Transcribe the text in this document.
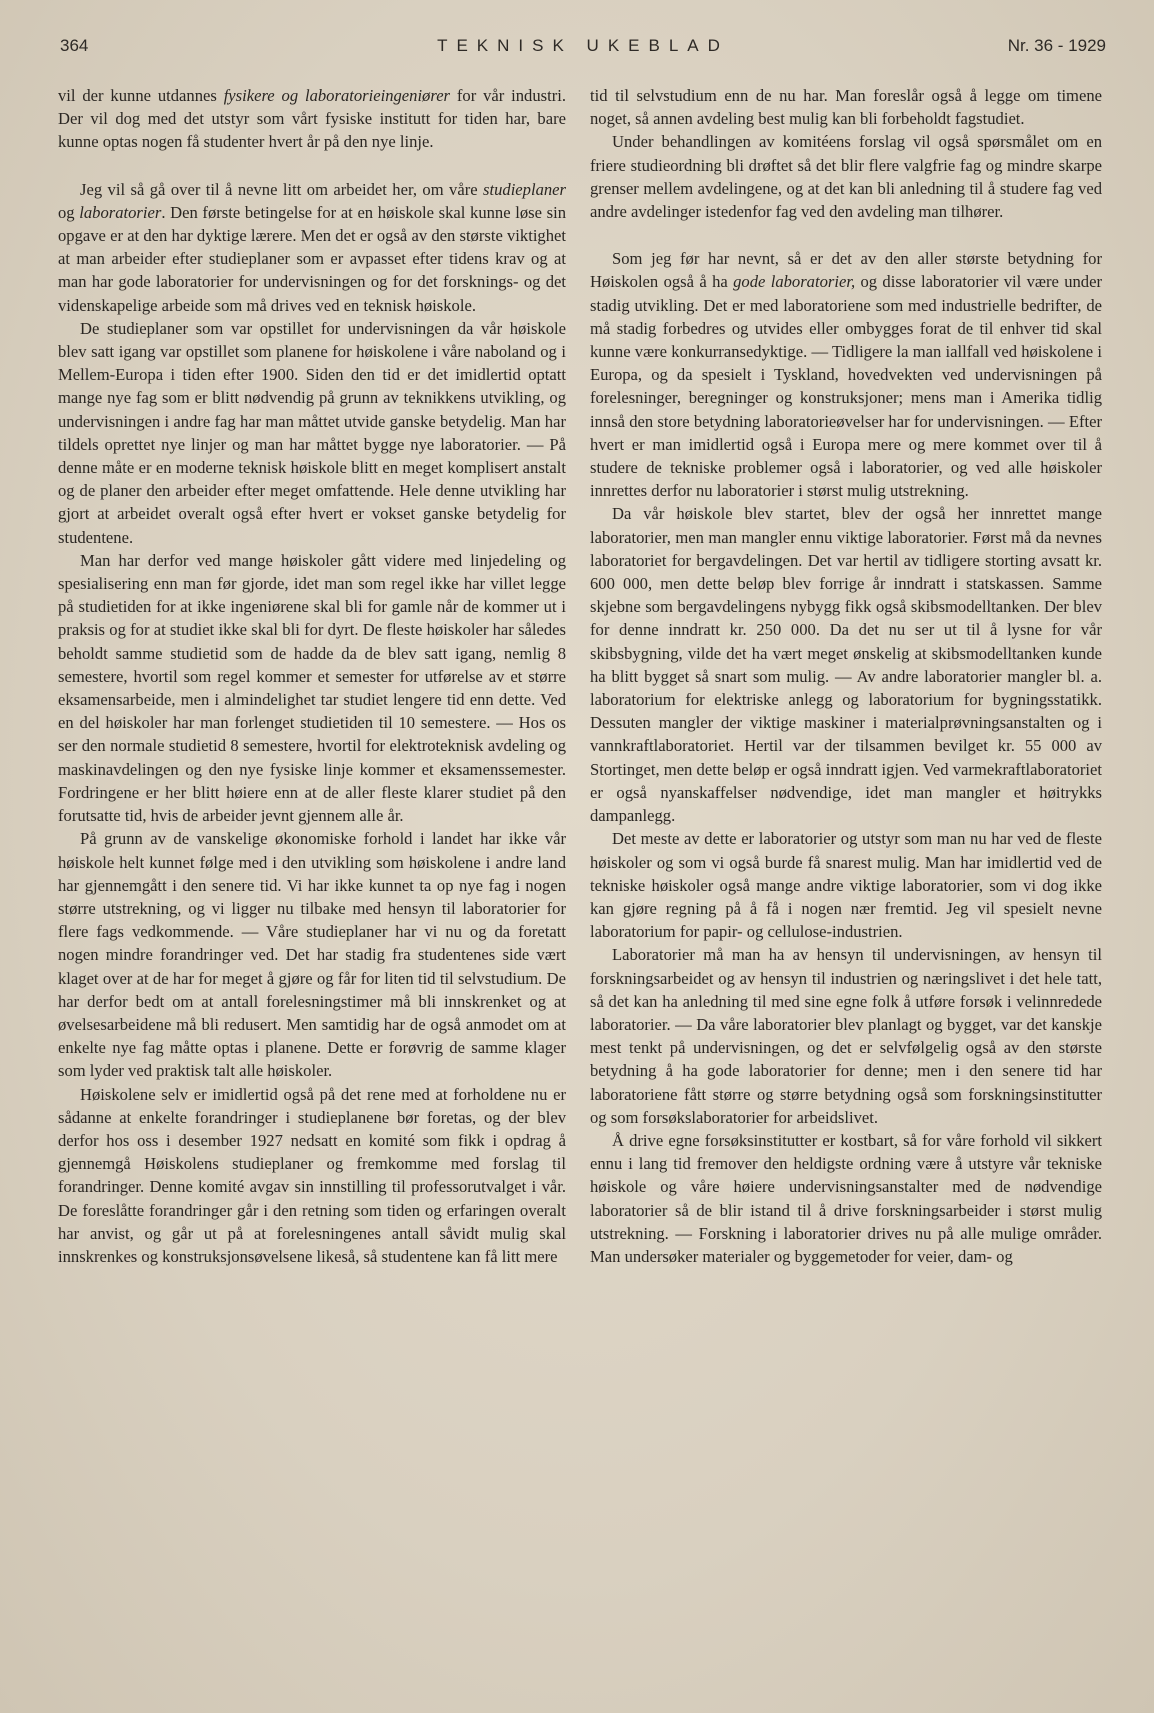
364	TEKNISK UKEBLAD	Nr. 36 - 1929

vil der kunne utdannes fysikere og laboratorieingeniører for vår industri. Der vil dog med det utstyr som vårt fysiske institutt for tiden har, bare kunne optas nogen få studenter hvert år på den nye linje.

Jeg vil så gå over til å nevne litt om arbeidet her, om våre studieplaner og laboratorier. Den første betingelse for at en høiskole skal kunne løse sin opgave er at den har dyktige lærere. Men det er også av den største viktighet at man arbeider efter studieplaner som er avpasset efter tidens krav og at man har gode laboratorier for undervisningen og for det forsknings- og det videnskapelige arbeide som må drives ved en teknisk høiskole.

De studieplaner som var opstillet for undervisningen da vår høiskole blev satt igang var opstillet som planene for høiskolene i våre naboland og i Mellem-Europa i tiden efter 1900. Siden den tid er det imidlertid optatt mange nye fag som er blitt nødvendig på grunn av teknikkens utvikling, og undervisningen i andre fag har man måttet utvide ganske betydelig. Man har tildels oprettet nye linjer og man har måttet bygge nye laboratorier. — På denne måte er en moderne teknisk høiskole blitt en meget komplisert anstalt og de planer den arbeider efter meget omfattende. Hele denne utvikling har gjort at arbeidet overalt også efter hvert er vokset ganske betydelig for studentene.

Man har derfor ved mange høiskoler gått videre med linjedeling og spesialisering enn man før gjorde, idet man som regel ikke har villet legge på studietiden for at ikke ingeniørene skal bli for gamle når de kommer ut i praksis og for at studiet ikke skal bli for dyrt. De fleste høiskoler har således beholdt samme studietid som de hadde da de blev satt igang, nemlig 8 semestere, hvortil som regel kommer et semester for utførelse av et større eksamensarbeide, men i almindelighet tar studiet lengere tid enn dette. Ved en del høiskoler har man forlenget studietiden til 10 semestere. — Hos os ser den normale studietid 8 semestere, hvortil for elektroteknisk avdeling og maskinavdelingen og den nye fysiske linje kommer et eksamenssemester. Fordringene er her blitt høiere enn at de aller fleste klarer studiet på den forutsatte tid, hvis de arbeider jevnt gjennem alle år.

På grunn av de vanskelige økonomiske forhold i landet har ikke vår høiskole helt kunnet følge med i den utvikling som høiskolene i andre land har gjennemgått i den senere tid. Vi har ikke kunnet ta op nye fag i nogen større utstrekning, og vi ligger nu tilbake med hensyn til laboratorier for flere fags vedkommende. — Våre studieplaner har vi nu og da foretatt nogen mindre forandringer ved. Det har stadig fra studentenes side vært klaget over at de har for meget å gjøre og får for liten tid til selvstudium. De har derfor bedt om at antall forelesningstimer må bli innskrenket og at øvelsesarbeidene må bli redusert. Men samtidig har de også anmodet om at enkelte nye fag måtte optas i planene. Dette er forøvrig de samme klager som lyder ved praktisk talt alle høiskoler.

Høiskolene selv er imidlertid også på det rene med at forholdene nu er sådanne at enkelte forandringer i studieplanene bør foretas, og der blev derfor hos oss i desember 1927 nedsatt en komité som fikk i opdrag å gjennemgå Høiskolens studieplaner og fremkomme med forslag til forandringer. Denne komité avgav sin innstilling til professorutvalget i vår. De foreslåtte forandringer går i den retning som tiden og erfaringen overalt har anvist, og går ut på at forelesningenes antall såvidt mulig skal innskrenkes og konstruksjonsøvelsene likeså, så studentene kan få litt mere

tid til selvstudium enn de nu har. Man foreslår også å legge om timene noget, så annen avdeling best mulig kan bli forbeholdt fagstudiet.

Under behandlingen av komitéens forslag vil også spørsmålet om en friere studieordning bli drøftet så det blir flere valgfrie fag og mindre skarpe grenser mellem avdelingene, og at det kan bli anledning til å studere fag ved andre avdelinger istedenfor fag ved den avdeling man tilhører.

Som jeg før har nevnt, så er det av den aller største betydning for Høiskolen også å ha gode laboratorier, og disse laboratorier vil være under stadig utvikling. Det er med laboratoriene som med industrielle bedrifter, de må stadig forbedres og utvides eller ombygges forat de til enhver tid skal kunne være konkurransedyktige. — Tidligere la man iallfall ved høiskolene i Europa, og da spesielt i Tyskland, hovedvekten ved undervisningen på forelesninger, beregninger og konstruksjoner; mens man i Amerika tidlig innså den store betydning laboratorieøvelser har for undervisningen. — Efter hvert er man imidlertid også i Europa mere og mere kommet over til å studere de tekniske problemer også i laboratorier, og ved alle høiskoler innrettes derfor nu laboratorier i størst mulig utstrekning.

Da vår høiskole blev startet, blev der også her innrettet mange laboratorier, men man mangler ennu viktige laboratorier. Først må da nevnes laboratoriet for bergavdelingen. Det var hertil av tidligere storting avsatt kr. 600 000, men dette beløp blev forrige år inndratt i statskassen. Samme skjebne som bergavdelingens nybygg fikk også skibsmodelltanken. Der blev for denne inndratt kr. 250 000. Da det nu ser ut til å lysne for vår skibsbygning, vilde det ha vært meget ønskelig at skibsmodelltanken kunde ha blitt bygget så snart som mulig. — Av andre laboratorier mangler bl. a. laboratorium for elektriske anlegg og laboratorium for bygningsstatikk. Dessuten mangler der viktige maskiner i materialprøvningsanstalten og i vannkraftlaboratoriet. Hertil var der tilsammen bevilget kr. 55 000 av Stortinget, men dette beløp er også inndratt igjen. Ved varmekraftlaboratoriet er også nyanskaffelser nødvendige, idet man mangler et høitrykks dampanlegg.

Det meste av dette er laboratorier og utstyr som man nu har ved de fleste høiskoler og som vi også burde få snarest mulig. Man har imidlertid ved de tekniske høiskoler også mange andre viktige laboratorier, som vi dog ikke kan gjøre regning på å få i nogen nær fremtid. Jeg vil spesielt nevne laboratorium for papir- og cellulose-industrien.

Laboratorier må man ha av hensyn til undervisningen, av hensyn til forskningsarbeidet og av hensyn til industrien og næringslivet i det hele tatt, så det kan ha anledning til med sine egne folk å utføre forsøk i velinnredede laboratorier. — Da våre laboratorier blev planlagt og bygget, var det kanskje mest tenkt på undervisningen, og det er selvfølgelig også av den største betydning å ha gode laboratorier for denne; men i den senere tid har laboratoriene fått større og større betydning også som forskningsinstitutter og som forsøkslaboratorier for arbeidslivet.

Å drive egne forsøksinstitutter er kostbart, så for våre forhold vil sikkert ennu i lang tid fremover den heldigste ordning være å utstyre vår tekniske høiskole og våre høiere undervisningsanstalter med de nødvendige laboratorier så de blir istand til å drive forskningsarbeider i størst mulig utstrekning. — Forskning i laboratorier drives nu på alle mulige områder. Man undersøker materialer og byggemetoder for veier, dam- og
